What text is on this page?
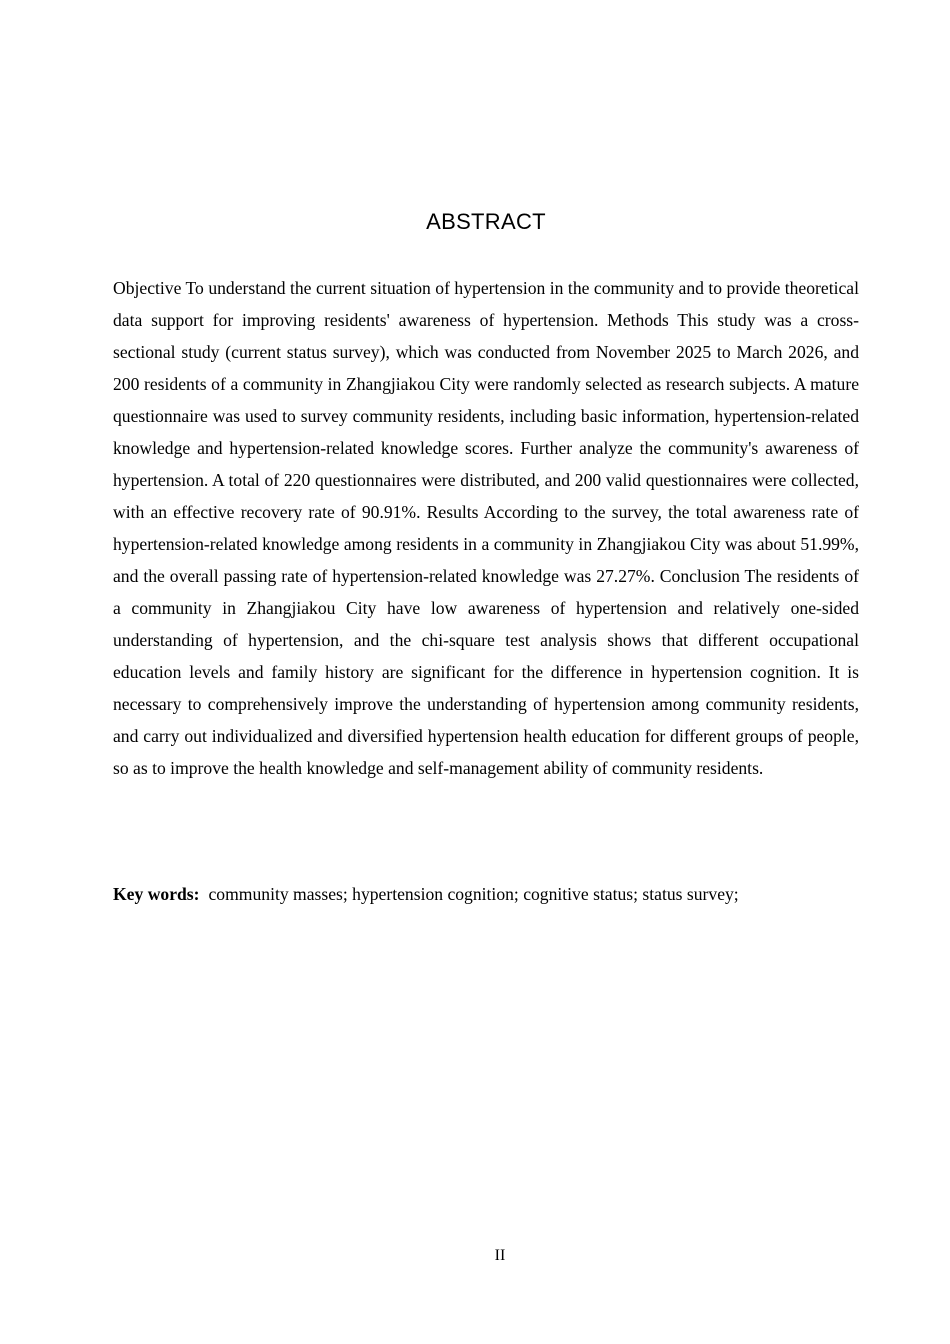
ABSTRACT

Objective To understand the current situation of hypertension in the community and to provide theoretical data support for improving residents' awareness of hypertension. Methods This study was a cross-sectional study (current status survey), which was conducted from November 2025 to March 2026, and 200 residents of a community in Zhangjiakou City were randomly selected as research subjects. A mature questionnaire was used to survey community residents, including basic information, hypertension-related knowledge and hypertension-related knowledge scores. Further analyze the community's awareness of hypertension. A total of 220 questionnaires were distributed, and 200 valid questionnaires were collected, with an effective recovery rate of 90.91%. Results According to the survey, the total awareness rate of hypertension-related knowledge among residents in a community in Zhangjiakou City was about 51.99%, and the overall passing rate of hypertension-related knowledge was 27.27%. Conclusion The residents of a community in Zhangjiakou City have low awareness of hypertension and relatively one-sided understanding of hypertension, and the chi-square test analysis shows that different occupational education levels and family history are significant for the difference in hypertension cognition. It is necessary to comprehensively improve the understanding of hypertension among community residents, and carry out individualized and diversified hypertension health education for different groups of people, so as to improve the health knowledge and self-management ability of community residents.

Key words: community masses; hypertension cognition; cognitive status; status survey;

II
